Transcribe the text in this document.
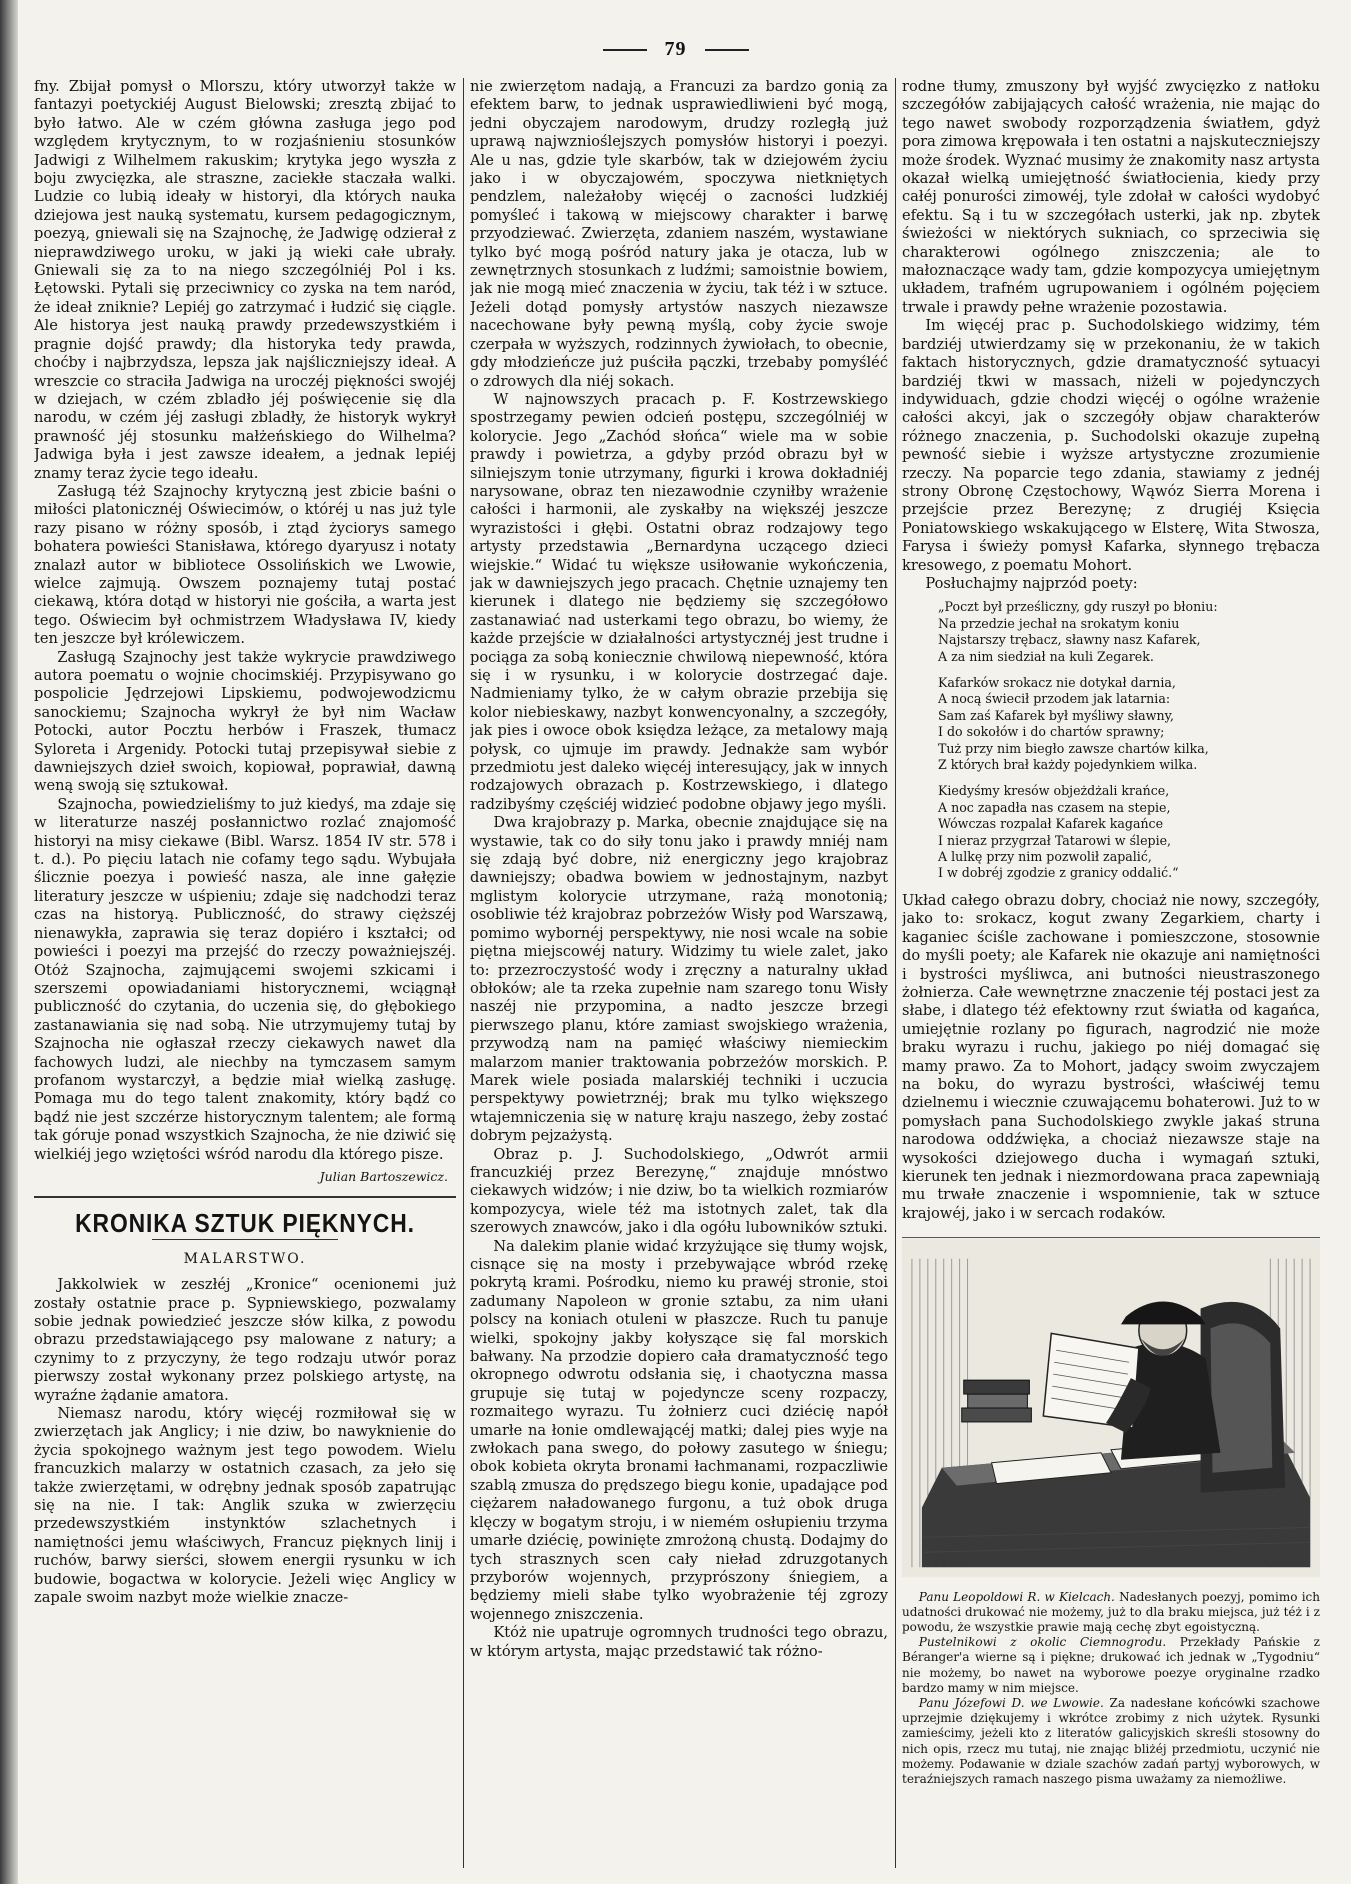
79

fny. Zbijał pomysł o Mlorszu, który utworzył także w fantazyi poetyckiéj August Bielowski; zresztą zbijać to było łatwo. Ale w czém główna zasługa jego pod względem krytycznym, to w rozjaśnieniu stosunków Jadwigi z Wilhelmem rakuskim; krytyka jego wyszła z boju zwycięzka, ale straszne, zaciekłe staczała walki. Ludzie co lubią ideały w historyi, dla których nauka dziejowa jest nauką systematu, kursem pedagogicznym, poezyą, gniewali się na Szajnochę, że Jadwigę odzierał z nieprawdziwego uroku, w jaki ją wieki całe ubrały. Gniewali się za to na niego szczególniéj Pol i ks. Łętowski. Pytali się przeciwnicy co zyska na tem naród, że ideał zniknie? Lepiéj go zatrzymać i łudzić się ciągle. Ale historya jest nauką prawdy przedewszystkiém i pragnie dojść prawdy; dla historyka tedy prawda, choćby i najbrzydsza, lepsza jak najśliczniejszy ideał. A wreszcie co straciła Jadwiga na uroczéj piękności swojéj w dziejach, w czém zbladło jéj poświęcenie się dla narodu, w czém jéj zasługi zbladły, że historyk wykrył prawność jéj stosunku małżeńskiego do Wilhelma? Jadwiga była i jest zawsze ideałem, a jednak lepiéj znamy teraz życie tego ideału.

Zasługą téż Szajnochy krytyczną jest zbicie baśni o miłości platonicznéj Oświecimów, o któréj u nas już tyle razy pisano w różny sposób, i ztąd życiorys samego bohatera powieści Stanisława, którego dyaryusz i notaty znalazł autor w bibliotece Ossolińskich we Lwowie, wielce zajmują. Owszem poznajemy tutaj postać ciekawą, która dotąd w historyi nie gościła, a warta jest tego. Oświecim był ochmistrzem Władysława IV, kiedy ten jeszcze był królewiczem.

Zasługą Szajnochy jest także wykrycie prawdziwego autora poematu o wojnie chocimskiéj. Przypisywano go pospolicie Jędrzejowi Lipskiemu, podwojewodzicmu sanockiemu; Szajnocha wykrył że był nim Wacław Potocki, autor Pocztu herbów i Fraszek, tłumacz Syloreta i Argenidy. Potocki tutaj przepisywał siebie z dawniejszych dzieł swoich, kopiował, poprawiał, dawną weną swoją się sztukował.

Szajnocha, powiedzieliśmy to już kiedyś, ma zdaje się w literaturze naszéj posłannictwo rozlać znajomość historyi na misy ciekawe (Bibl. Warsz. 1854 IV str. 578 i t. d.). Po pięciu latach nie cofamy tego sądu. Wybujała ślicznie poezya i powieść nasza, ale inne gałęzie literatury jeszcze w uśpieniu; zdaje się nadchodzi teraz czas na historyą. Publiczność, do strawy cięższéj nienawykła, zaprawia się teraz dopiéro i kształci; od powieści i poezyi ma przejść do rzeczy poważniejszéj. Otóż Szajnocha, zajmującemi swojemi szkicami i szerszemi opowiadaniami historycznemi, wciągnął publiczność do czytania, do uczenia się, do głębokiego zastanawiania się nad sobą. Nie utrzymujemy tutaj by Szajnocha nie ogłaszał rzeczy ciekawych nawet dla fachowych ludzi, ale niechby na tymczasem samym profanom wystarczył, a będzie miał wielką zasługę. Pomaga mu do tego talent znakomity, który bądź co bądź nie jest szczérze historycznym talentem; ale formą tak góruje ponad wszystkich Szajnocha, że nie dziwić się wielkiéj jego wziętości wśród narodu dla którego pisze.

Julian Bartoszewicz.
KRONIKA SZTUK PIĘKNYCH.
MALARSTWO.

Jakkolwiek w zeszłéj „Kronice“ ocenionemi już zostały ostatnie prace p. Sypniewskiego, pozwalamy sobie jednak powiedzieć jeszcze słów kilka, z powodu obrazu przedstawiającego psy malowane z natury; a czynimy to z przyczyny, że tego rodzaju utwór poraz pierwszy został wykonany przez polskiego artystę, na wyraźne żądanie amatora.

Niemasz narodu, który więcéj rozmiłował się w zwierzętach jak Anglicy; i nie dziw, bo nawyknienie do życia spokojnego ważnym jest tego powodem. Wielu francuzkich malarzy w ostatnich czasach, za jeło się także zwierzętami, w odrębny jednak sposób zapatrując się na nie. I tak: Anglik szuka w zwierzęciu przedewszystkiém instynktów szlachetnych i namiętności jemu właściwych, Francuz pięknych linij i ruchów, barwy sierści, słowem energii rysunku w ich budowie, bogactwa w kolorycie. Jeżeli więc Anglicy w zapale swoim nazbyt może wielkie znacze-

nie zwierzętom nadają, a Francuzi za bardzo gonią za efektem barw, to jednak usprawiedliwieni być mogą, jedni obyczajem narodowym, drudzy rozległą już uprawą najwznioślejszych pomysłów historyi i poezyi. Ale u nas, gdzie tyle skarbów, tak w dziejowém życiu jako i w obyczajowém, spoczywa nietkniętych pendzlem, należałoby więcéj o zacności ludzkiéj pomyśleć i takową w miejscowy charakter i barwę przyodziewać. Zwierzęta, zdaniem naszém, wystawiane tylko być mogą pośród natury jaka je otacza, lub w zewnętrznych stosunkach z ludźmi; samoistnie bowiem, jak nie mogą mieć znaczenia w życiu, tak téż i w sztuce. Jeżeli dotąd pomysły artystów naszych niezawsze nacechowane były pewną myślą, coby życie swoje czerpała w wyższych, rodzinnych żywiołach, to obecnie, gdy młodzieńcze już puściła pączki, trzebaby pomyśléć o zdrowych dla niéj sokach.

W najnowszych pracach p. F. Kostrzewskiego spostrzegamy pewien odcień postępu, szczególniéj w kolorycie. Jego „Zachód słońca“ wiele ma w sobie prawdy i powietrza, a gdyby przód obrazu był w silniejszym tonie utrzymany, figurki i krowa dokładniéj narysowane, obraz ten niezawodnie czyniłby wrażenie całości i harmonii, ale zyskałby na większéj jeszcze wyrazistości i głębi. Ostatni obraz rodzajowy tego artysty przedstawia „Bernardyna uczącego dzieci wiejskie.“ Widać tu większe usiłowanie wykończenia, jak w dawniejszych jego pracach. Chętnie uznajemy ten kierunek i dlatego nie będziemy się szczegółowo zastanawiać nad usterkami tego obrazu, bo wiemy, że każde przejście w działalności artystycznéj jest trudne i pociąga za sobą koniecznie chwilową niepewność, która się i w rysunku, i w kolorycie dostrzegać daje. Nadmieniamy tylko, że w całym obrazie przebija się kolor niebieskawy, nazbyt konwencyonalny, a szczegóły, jak pies i owoce obok księdza leżące, za metalowy mają połysk, co ujmuje im prawdy. Jednakże sam wybór przedmiotu jest daleko więcéj interesujący, jak w innych rodzajowych obrazach p. Kostrzewskiego, i dlatego radzibyśmy częściéj widzieć podobne objawy jego myśli.

Dwa krajobrazy p. Marka, obecnie znajdujące się na wystawie, tak co do siły tonu jako i prawdy mniéj nam się zdają być dobre, niż energiczny jego krajobraz dawniejszy; obadwa bowiem w jednostajnym, nazbyt mglistym kolorycie utrzymane, rażą monotonią; osobliwie téż krajobraz pobrzeżów Wisły pod Warszawą, pomimo wybornéj perspektywy, nie nosi wcale na sobie piętna miejscowéj natury. Widzimy tu wiele zalet, jako to: przezroczystość wody i zręczny a naturalny układ obłoków; ale ta rzeka zupełnie nam szarego tonu Wisły naszéj nie przypomina, a nadto jeszcze brzegi pierwszego planu, które zamiast swojskiego wrażenia, przywodzą nam na pamięć właściwy niemieckim malarzom manier traktowania pobrzeżów morskich. P. Marek wiele posiada malarskiéj techniki i uczucia perspektywy powietrznéj; brak mu tylko większego wtajemniczenia się w naturę kraju naszego, żeby zostać dobrym pejzażystą.

Obraz p. J. Suchodolskiego, „Odwrót armii francuzkiéj przez Berezynę,“ znajduje mnóstwo ciekawych widzów; i nie dziw, bo ta wielkich rozmiarów kompozycya, wiele téż ma istotnych zalet, tak dla szerowych znawców, jako i dla ogółu lubowników sztuki.

Na dalekim planie widać krzyżujące się tłumy wojsk, cisnące się na mosty i przebywające wbród rzekę pokrytą krami. Pośrodku, niemo ku prawéj stronie, stoi zadumany Napoleon w gronie sztabu, za nim ułani polscy na koniach otuleni w płaszcze. Ruch tu panuje wielki, spokojny jakby kołyszące się fal morskich bałwany. Na przodzie dopiero cała dramatyczność tego okropnego odwrotu odsłania się, i chaotyczna massa grupuje się tutaj w pojedyncze sceny rozpaczy, rozmaitego wyrazu. Tu żołnierz cuci dziécię napół umarłe na łonie omdlewającéj matki; dalej pies wyje na zwłokach pana swego, do połowy zasutego w śniegu; obok kobieta okryta bronami łachmanami, rozpaczliwie szablą zmusza do prędszego biegu konie, upadające pod ciężarem naładowanego furgonu, a tuż obok druga klęczy w bogatym stroju, i w niemém osłupieniu trzyma umarłe dziécię, powinięte zmrożoną chustą. Dodajmy do tych strasznych scen cały nieład zdruzgotanych przyborów wojennych, przyprószony śniegiem, a będziemy mieli słabe tylko wyobrażenie téj zgrozy wojennego zniszczenia.

Któż nie upatruje ogromnych trudności tego obrazu, w którym artysta, mając przedstawić tak różno-

rodne tłumy, zmuszony był wyjść zwycięzko z natłoku szczegółów zabijających całość wrażenia, nie mając do tego nawet swobody rozporządzenia światłem, gdyż pora zimowa krępowała i ten ostatni a najskuteczniejszy może środek. Wyznać musimy że znakomity nasz artysta okazał wielką umiejętność światłocienia, kiedy przy całéj ponurości zimowéj, tyle zdołał w całości wydobyć efektu. Są i tu w szczegółach usterki, jak np. zbytek świeżości w niektórych sukniach, co sprzeciwia się charakterowi ogólnego zniszczenia; ale to małoznaczące wady tam, gdzie kompozycya umiejętnym układem, trafném ugrupowaniem i ogólném pojęciem trwale i prawdy pełne wrażenie pozostawia.

Im więcéj prac p. Suchodolskiego widzimy, tém bardziéj utwierdzamy się w przekonaniu, że w takich faktach historycznych, gdzie dramatyczność sytuacyi bardziéj tkwi w massach, niżeli w pojedynczych indywiduach, gdzie chodzi więcéj o ogólne wrażenie całości akcyi, jak o szczegóły objaw charakterów różnego znaczenia, p. Suchodolski okazuje zupełną pewność siebie i wyższe artystyczne zrozumienie rzeczy. Na poparcie tego zdania, stawiamy z jednéj strony Obronę Częstochowy, Wąwóz Sierra Morena i przejście przez Berezynę; z drugiéj Księcia Poniatowskiego wskakującego w Elsterę, Wita Stwosza, Farysa i świeży pomysł Kafarka, słynnego trębacza kresowego, z poematu Mohort.

Posłuchajmy najprzód poety:

„Poczt był prześliczny, gdy ruszył po błoniu:
Na przedzie jechał na srokatym koniu
Najstarszy trębacz, sławny nasz Kafarek,
A za nim siedział na kuli Zegarek.
Kafarków srokacz nie dotykał darnia,
A nocą świecił przodem jak latarnia:
Sam zaś Kafarek był myśliwy sławny,
I do sokołów i do chartów sprawny;
Tuż przy nim biegło zawsze chartów kilka,
Z których brał każdy pojedynkiem wilka.
Kiedyśmy kresów objeżdżali krańce,
A noc zapadła nas czasem na stepie,
Wówczas rozpalał Kafarek kagańce
I nieraz przygrzał Tatarowi w ślepie,
A lulkę przy nim pozwolił zapalić,
I w dobréj zgodzie z granicy oddalić.“

Układ całego obrazu dobry, chociaż nie nowy, szczegóły, jako to: srokacz, kogut zwany Zegarkiem, charty i kaganiec ściśle zachowane i pomieszczone, stosownie do myśli poety; ale Kafarek nie okazuje ani namiętności i bystrości myśliwca, ani butności nieustraszonego żołnierza. Całe wewnętrzne znaczenie téj postaci jest za słabe, i dlatego téż efektowny rzut światła od kagańca, umiejętnie rozlany po figurach, nagrodzić nie może braku wyrazu i ruchu, jakiego po niéj domagać się mamy prawo. Za to Mohort, jadący swoim zwyczajem na boku, do wyrazu bystrości, właściwéj temu dzielnemu i wiecznie czuwającemu bohaterowi. Już to w pomysłach pana Suchodolskiego zwykle jakaś struna narodowa oddźwięka, a chociaż niezawsze staje na wysokości dziejowego ducha i wymagań sztuki, kierunek ten jednak i niezmordowana praca zapewniają mu trwałe znaczenie i wspomnienie, tak w sztuce krajowéj, jako i w sercach rodaków.

Panu Leopoldowi R. w Kielcach. Nadesłanych poezyj, pomimo ich udatności drukować nie możemy, już to dla braku miejsca, już téż i z powodu, że wszystkie prawie mają cechę zbyt egoistyczną.

Pustelnikowi z okolic Ciemnogrodu. Przekłady Pańskie z Béranger'a wierne są i piękne; drukować ich jednak w „Tygodniu“ nie możemy, bo nawet na wyborowe poezye oryginalne rzadko bardzo mamy w nim miejsce.

Panu Józefowi D. we Lwowie. Za nadesłane końcówki szachowe uprzejmie dziękujemy i wkrótce zrobimy z nich użytek. Rysunki zamieścimy, jeżeli kto z literatów galicyjskich skreśli stosowny do nich opis, rzecz mu tutaj, nie znając bliżéj przedmiotu, uczynić nie możemy. Podawanie w dziale szachów zadań partyj wyborowych, w teraźniejszych ramach naszego pisma uważamy za niemożliwe.
